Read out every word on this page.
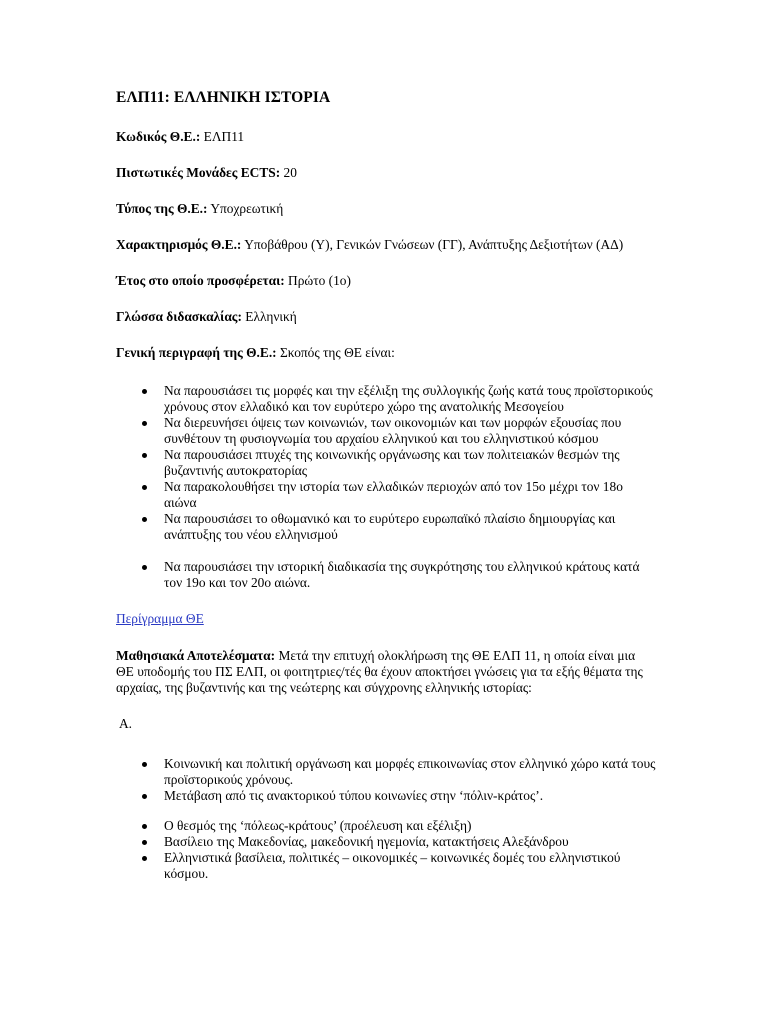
ΕΛΠ11: ΕΛΛΗΝΙΚΗ ΙΣΤΟΡΙΑ
Κωδικός Θ.Ε.: ΕΛΠ11
Πιστωτικές Μονάδες ECTS: 20
Τύπος της Θ.Ε.: Υποχρεωτική
Χαρακτηρισμός Θ.Ε.: Υποβάθρου (Υ), Γενικών Γνώσεων (ΓΓ), Ανάπτυξης Δεξιοτήτων (ΑΔ)
Έτος στο οποίο προσφέρεται: Πρώτο (1ο)
Γλώσσα διδασκαλίας: Ελληνική
Γενική περιγραφή της Θ.Ε.: Σκοπός της ΘΕ είναι:
Να παρουσιάσει τις μορφές και την εξέλιξη της συλλογικής ζωής κατά τους προϊστορικούς χρόνους στον ελλαδικό και τον ευρύτερο χώρο της ανατολικής Μεσογείου
Να διερευνήσει όψεις των κοινωνιών, των οικονομιών και των μορφών εξουσίας που συνθέτουν τη φυσιογνωμία του αρχαίου ελληνικού και του ελληνιστικού κόσμου
Να παρουσιάσει πτυχές της κοινωνικής οργάνωσης και των πολιτειακών θεσμών της βυζαντινής αυτοκρατορίας
Να παρακολουθήσει την ιστορία των ελλαδικών περιοχών από τον 15ο μέχρι τον 18ο αιώνα
Να παρουσιάσει το οθωμανικό και το ευρύτερο ευρωπαϊκό πλαίσιο δημιουργίας και ανάπτυξης του νέου ελληνισμού
Να παρουσιάσει την ιστορική διαδικασία της συγκρότησης του ελληνικού κράτους κατά τον 19ο και τον 20ο αιώνα.
Περίγραμμα ΘΕ
Μαθησιακά Αποτελέσματα: Μετά την επιτυχή ολοκλήρωση της ΘΕ ΕΛΠ 11, η οποία είναι μια ΘΕ υποδομής του ΠΣ ΕΛΠ, οι φοιτητριες/τές θα έχουν αποκτήσει γνώσεις για τα εξής θέματα της αρχαίας, της βυζαντινής και της νεώτερης και σύγχρονης ελληνικής ιστορίας:
Α.
Κοινωνική και πολιτική οργάνωση και μορφές επικοινωνίας στον ελληνικό χώρο κατά τους προϊστορικούς χρόνους.
Μετάβαση από τις ανακτορικού τύπου κοινωνίες στην ‘πόλιν-κράτος’.
Ο θεσμός της ‘πόλεως-κράτους’ (προέλευση και εξέλιξη)
Βασίλειο της Μακεδονίας, μακεδονική ηγεμονία, κατακτήσεις Αλεξάνδρου
Ελληνιστικά βασίλεια, πολιτικές – οικονομικές – κοινωνικές δομές του ελληνιστικού κόσμου.
